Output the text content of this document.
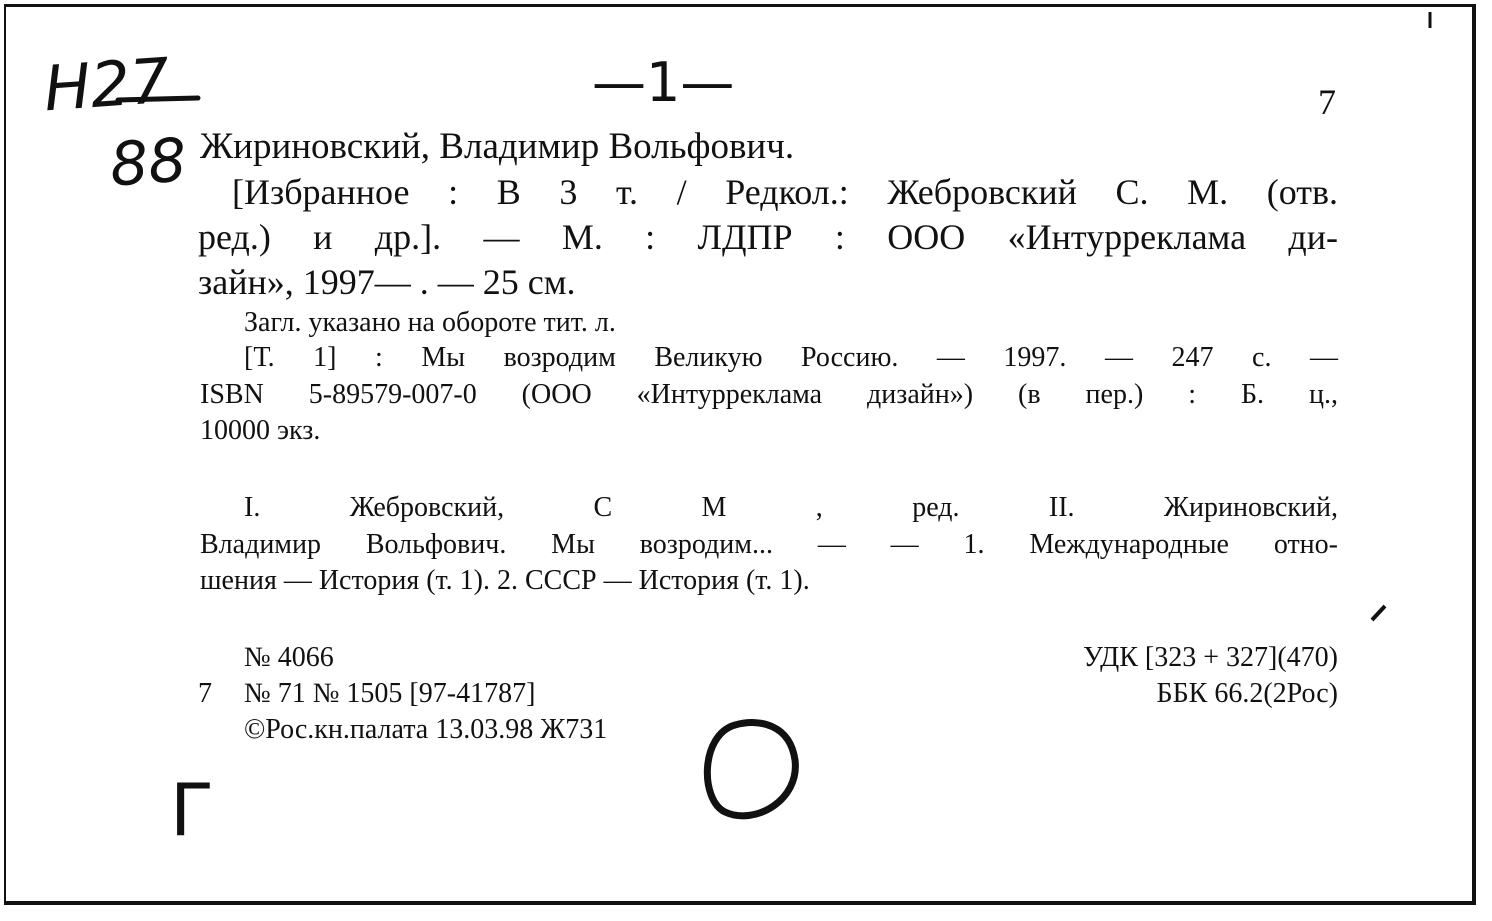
Н27
88
—1—
Г
7
Жириновский, Владимир Вольфович.
[Избранное : В 3 т. / Редкол.: Жебровский С. М. (отв.
ред.) и др.]. — М. : ЛДПР : ООО «Интурреклама ди-
зайн», 1997— . — 25 см.
Загл. указано на обороте тит. л.
[Т. 1] : Мы возродим Великую Россию. — 1997. — 247 с. —
ISBN 5-89579-007-0 (ООО «Интурреклама дизайн») (в пер.) : Б. ц.,
10000 экз.
I. Жебровский, С М , ред. II. Жириновский,
Владимир Вольфович. Мы возродим... — — 1. Международные отно-
шения — История (т. 1). 2. СССР — История (т. 1).
№ 4066
7 № 71 № 1505 [97-41787]
©Рос.кн.палата 13.03.98 Ж731
УДК [323 + 327](470)
ББК 66.2(2Рос)
